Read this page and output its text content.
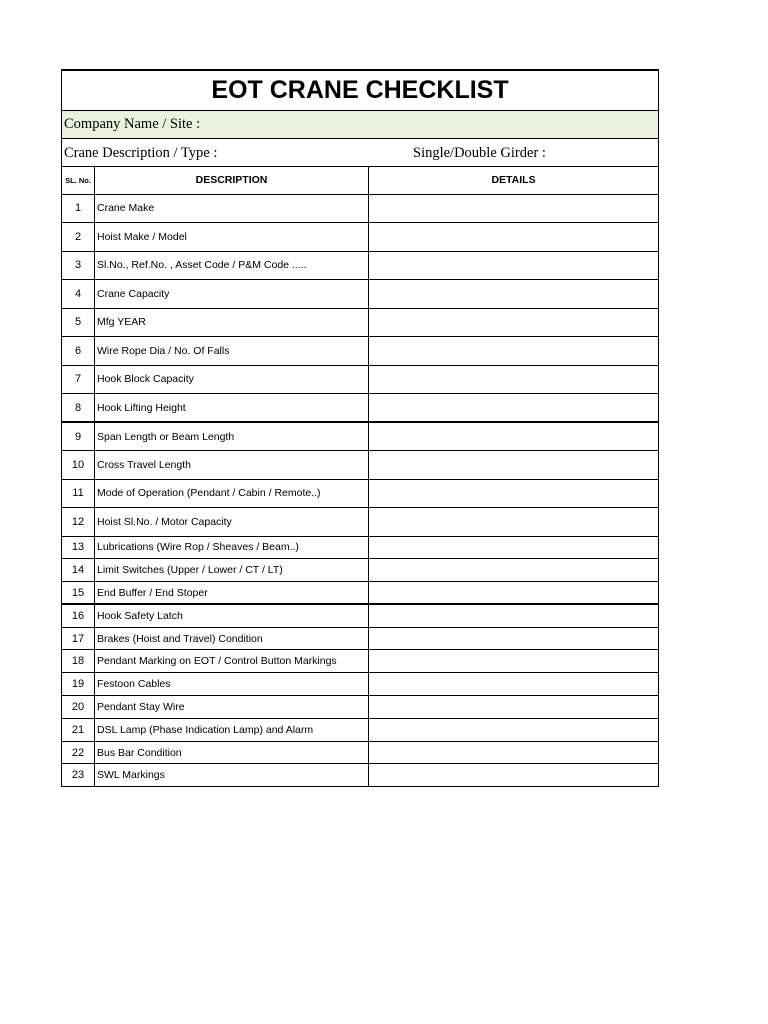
EOT CRANE CHECKLIST		
Company Name / Site :		

Crane Description / Type : Single/Double Girder :		

SL. No.	DESCRIPTION	DETAILS
1	Crane Make	
2	Hoist Make / Model	
3	Sl.No., Ref.No. , Asset Code / P&M Code .....	
4	Crane Capacity	
5	Mfg YEAR	
6	Wire Rope Dia / No. Of Falls	
7	Hook Block Capacity	
8	Hook Lifting Height	
9	Span Length or Beam Length	
10	Cross Travel Length	
11	Mode of Operation (Pendant / Cabin / Remote..)	
12	Hoist Sl.No. / Motor Capacity	
13	Lubrications (Wire Rop / Sheaves / Beam..)	
14	Limit Switches (Upper / Lower / CT / LT)	
15	End Buffer / End Stoper	
16	Hook Safety Latch	
17	Brakes (Hoist and Travel) Condition	
18	Pendant Marking on EOT / Control Button Markings	
19	Festoon Cables	
20	Pendant Stay Wire	
21	DSL Lamp (Phase Indication Lamp) and Alarm	
22	Bus Bar Condition	
23	SWL Markings	
